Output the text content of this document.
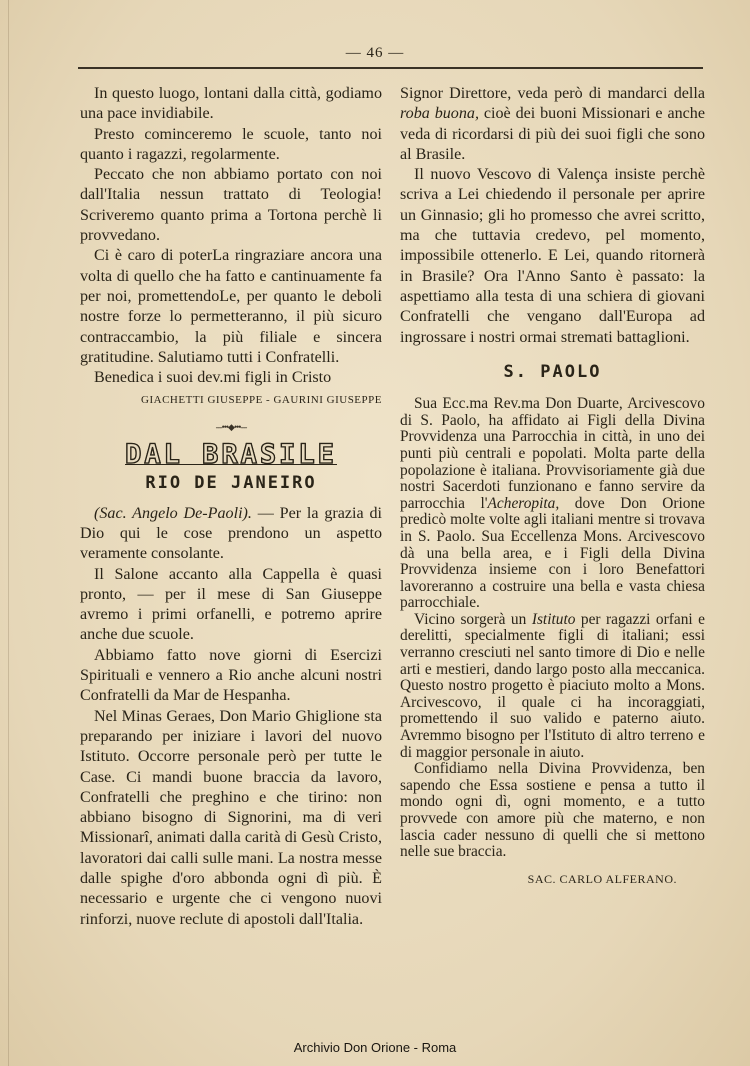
— 46 —

In questo luogo, lontani dalla città, godiamo una pace invidiabile.

Presto cominceremo le scuole, tanto noi quanto i ragazzi, regolarmente.

Peccato che non abbiamo portato con noi dall'Italia nessun trattato di Teologia! Scriveremo quanto prima a Tortona perchè li provvedano.

Ci è caro di poterLa ringraziare ancora una volta di quello che ha fatto e cantinuamente fa per noi, promettendoLe, per quanto le deboli nostre forze lo permetteranno, il più sicuro contraccambio, la più filiale e sincera gratitudine. Salutiamo tutti i Confratelli.

Benedica i suoi dev.mi figli in Cristo

GIACHETTI GIUSEPPE - GAURINI GIUSEPPE
---•••◆•••---
DAL BRASILE
RIO DE JANEIRO

(Sac. Angelo De-Paoli). — Per la grazia di Dio qui le cose prendono un aspetto veramente consolante.

Il Salone accanto alla Cappella è quasi pronto, — per il mese di San Giuseppe avremo i primi orfanelli, e potremo aprire anche due scuole.

Abbiamo fatto nove giorni di Esercizi Spirituali e vennero a Rio anche alcuni nostri Confratelli da Mar de Hespanha.

Nel Minas Geraes, Don Mario Ghiglione sta preparando per iniziare i lavori del nuovo Istituto. Occorre personale però per tutte le Case. Ci mandi buone braccia da lavoro, Confratelli che preghino e che tirino: non abbiano bisogno di Signorini, ma di veri Missionarî, animati dalla carità di Gesù Cristo, lavoratori dai calli sulle mani. La nostra messe dalle spighe d'oro abbonda ogni dì più. È necessario e urgente che ci vengono nuovi rinforzi, nuove reclute di apostoli dall'Italia.

Signor Direttore, veda però di mandarci della roba buona, cioè dei buoni Missionari e anche veda di ricordarsi di più dei suoi figli che sono al Brasile.

Il nuovo Vescovo di Valença insiste perchè scriva a Lei chiedendo il personale per aprire un Ginnasio; gli ho promesso che avrei scritto, ma che tuttavia credevo, pel momento, impossibile ottenerlo. E Lei, quando ritornerà in Brasile? Ora l'Anno Santo è passato: la aspettiamo alla testa di una schiera di giovani Confratelli che vengano dall'Europa ad ingrossare i nostri ormai stremati battaglioni.

S. PAOLO

Sua Ecc.ma Rev.ma Don Duarte, Arcivescovo di S. Paolo, ha affidato ai Figli della Divina Provvidenza una Parrocchia in città, in uno dei punti più centrali e popolati. Molta parte della popolazione è italiana. Provvisoriamente già due nostri Sacerdoti funzionano e fanno servire da parrocchia l'Acheropita, dove Don Orione predicò molte volte agli italiani mentre si trovava in S. Paolo. Sua Eccellenza Mons. Arcivescovo dà una bella area, e i Figli della Divina Provvidenza insieme con i loro Benefattori lavoreranno a costruire una bella e vasta chiesa parrocchiale.

Vicino sorgerà un Istituto per ragazzi orfani e derelitti, specialmente figli di italiani; essi verranno cresciuti nel santo timore di Dio e nelle arti e mestieri, dando largo posto alla meccanica. Questo nostro progetto è piaciuto molto a Mons. Arcivescovo, il quale ci ha incoraggiati, promettendo il suo valido e paterno aiuto. Avremmo bisogno per l'Istituto di altro terreno e di maggior personale in aiuto.

Confidiamo nella Divina Provvidenza, ben sapendo che Essa sostiene e pensa a tutto il mondo ogni dì, ogni momento, e a tutto provvede con amore più che materno, e non lascia cader nessuno di quelli che si mettono nelle sue braccia.

SAC. CARLO ALFERANO.
Archivio Don Orione - Roma
